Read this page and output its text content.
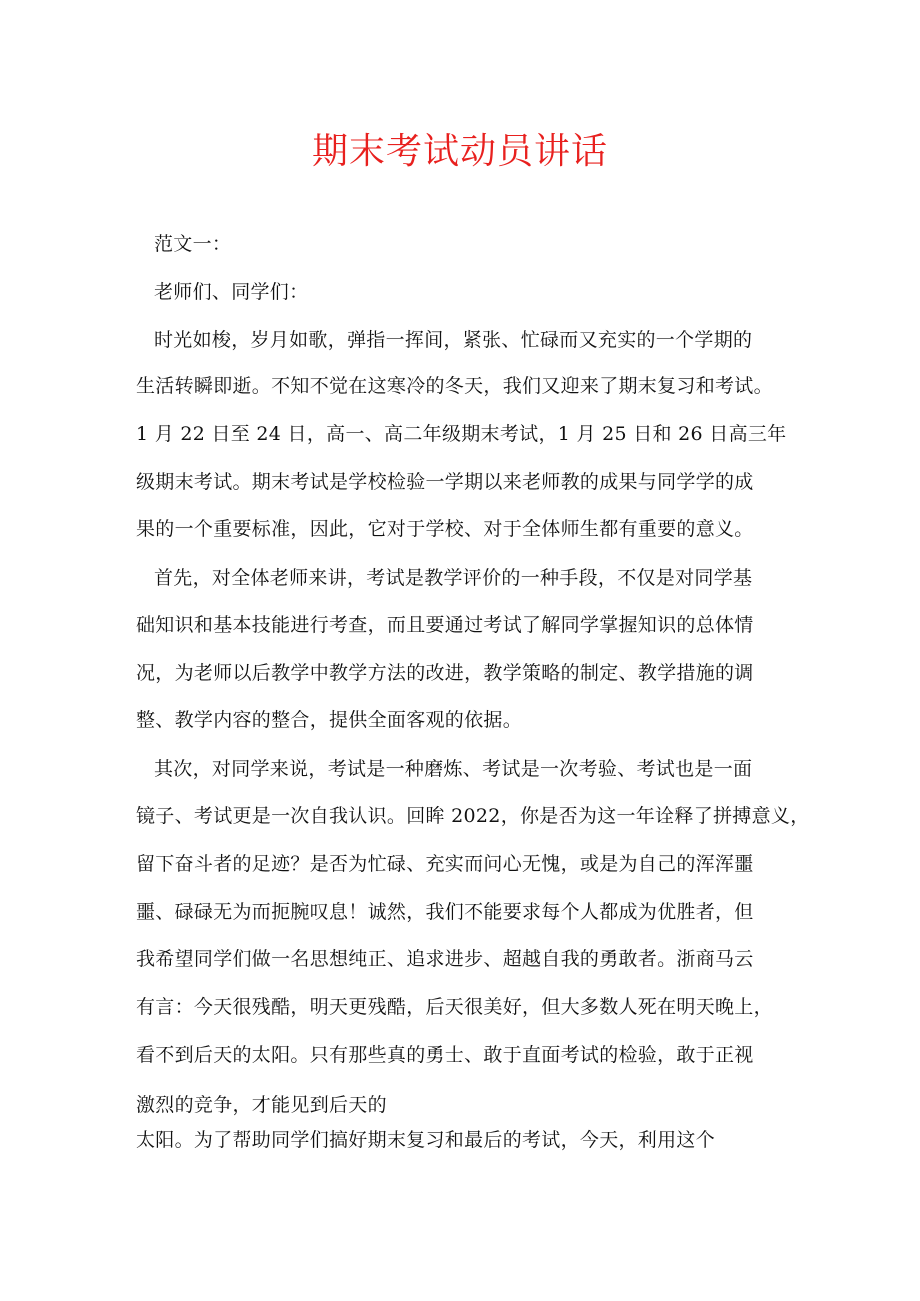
期末考试动员讲话
范文一：
老师们、同学们：
时光如梭，岁月如歌，弹指一挥间，紧张、忙碌而又充实的一个学期的
生活转瞬即逝。不知不觉在这寒冷的冬天，我们又迎来了期末复习和考试。
1 月 22 日至 24 日，高一、高二年级期末考试，1 月 25 日和 26 日高三年
级期末考试。期末考试是学校检验一学期以来老师教的成果与同学学的成
果的一个重要标准，因此，它对于学校、对于全体师生都有重要的意义。
首先，对全体老师来讲，考试是教学评价的一种手段，不仅是对同学基
础知识和基本技能进行考查，而且要通过考试了解同学掌握知识的总体情
况，为老师以后教学中教学方法的改进，教学策略的制定、教学措施的调
整、教学内容的整合，提供全面客观的依据。
其次，对同学来说，考试是一种磨炼、考试是一次考验、考试也是一面
镜子、考试更是一次自我认识。回眸 2022，你是否为这一年诠释了拼搏意义，
留下奋斗者的足迹？是否为忙碌、充实而问心无愧，或是为自己的浑浑噩
噩、碌碌无为而扼腕叹息！诚然，我们不能要求每个人都成为优胜者，但
我希望同学们做一名思想纯正、追求进步、超越自我的勇敢者。浙商马云
有言：今天很残酷，明天更残酷，后天很美好，但大多数人死在明天晚上，
看不到后天的太阳。只有那些真的勇士、敢于直面考试的检验，敢于正视
激烈的竞争，才能见到后天的
太阳。为了帮助同学们搞好期末复习和最后的考试，今天，利用这个
